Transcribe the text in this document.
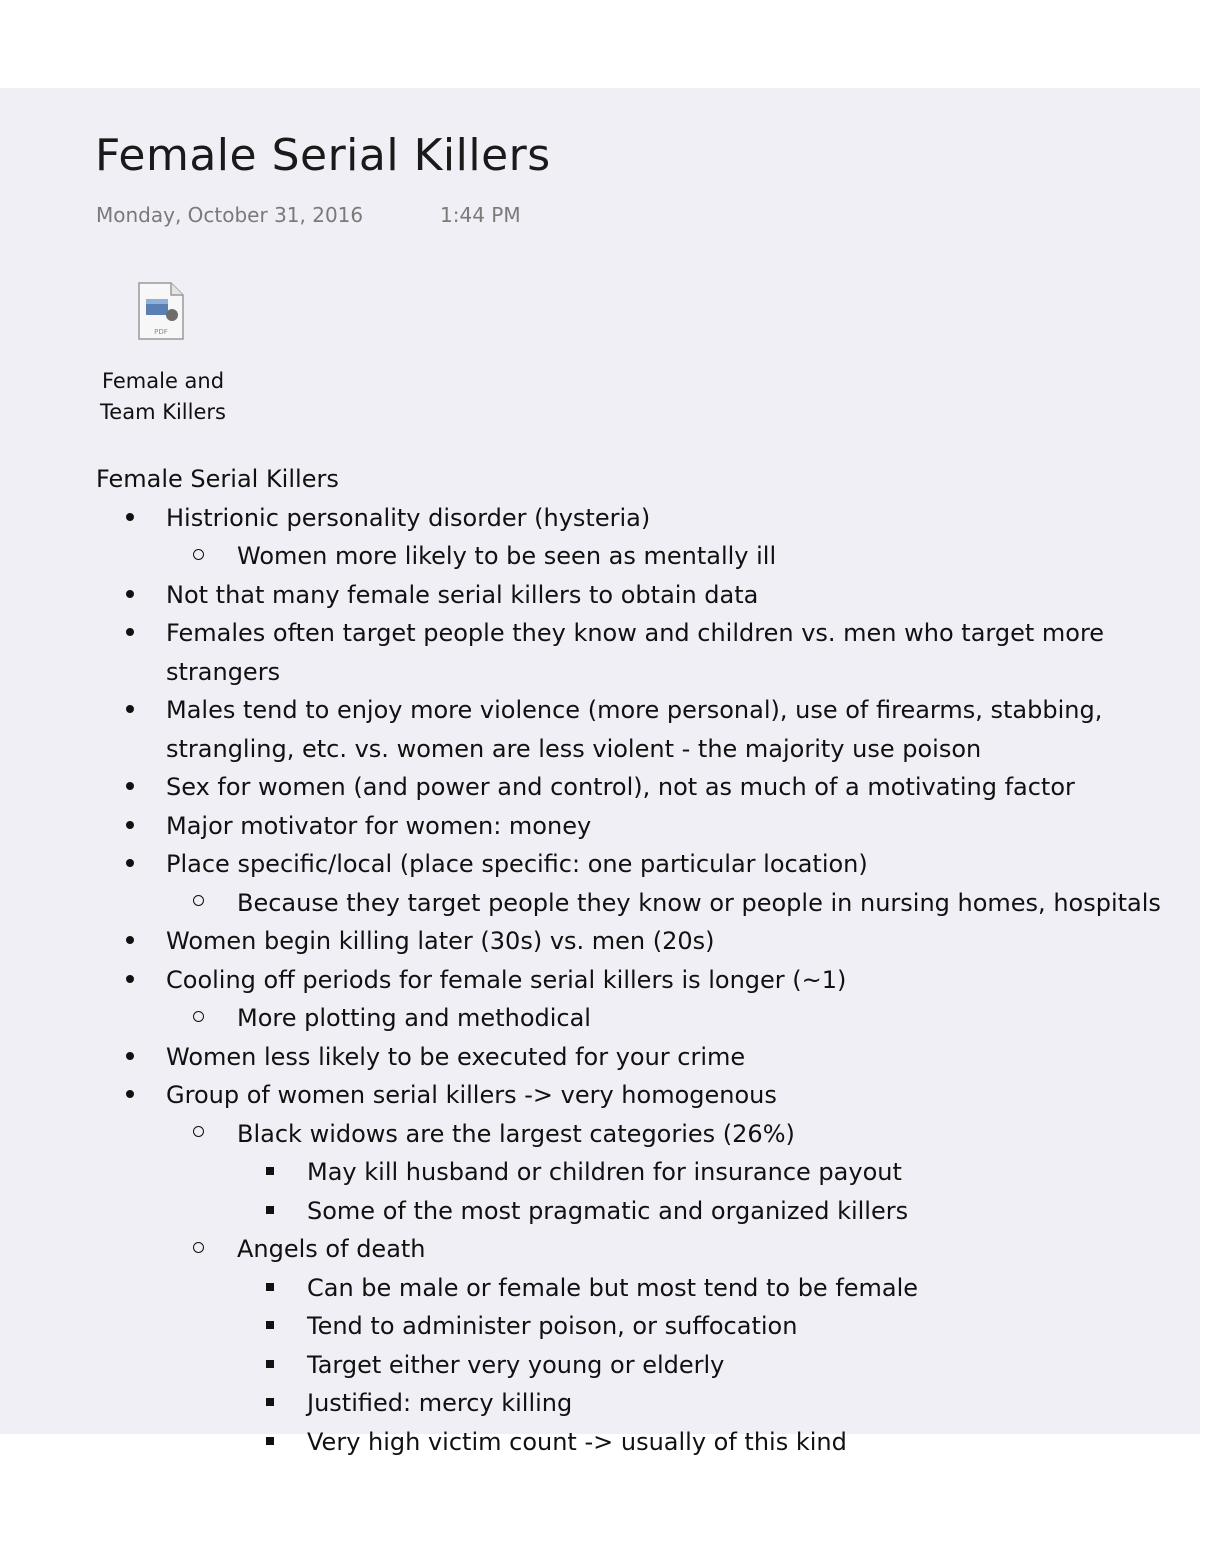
Female Serial Killers
Monday, October 31, 2016	1:44 PM
PDF
Female and
Team Killers
Female Serial Killers
Histrionic personality disorder (hysteria)
Women more likely to be seen as mentally ill
Not that many female serial killers to obtain data
Females often target people they know and children vs. men who target more strangers
Males tend to enjoy more violence (more personal), use of firearms, stabbing, strangling, etc. vs. women are less violent - the majority use poison
Sex for women (and power and control), not as much of a motivating factor
Major motivator for women: money
Place specific/local (place specific: one particular location)
Because they target people they know or people in nursing homes, hospitals
Women begin killing later (30s) vs. men (20s)
Cooling off periods for female serial killers is longer (~1)
More plotting and methodical
Women less likely to be executed for your crime
Group of women serial killers -> very homogenous
Black widows are the largest categories (26%)
May kill husband or children for insurance payout
Some of the most pragmatic and organized killers
Angels of death
Can be male or female but most tend to be female
Tend to administer poison, or suffocation
Target either very young or elderly
Justified: mercy killing
Very high victim count -> usually of this kind
